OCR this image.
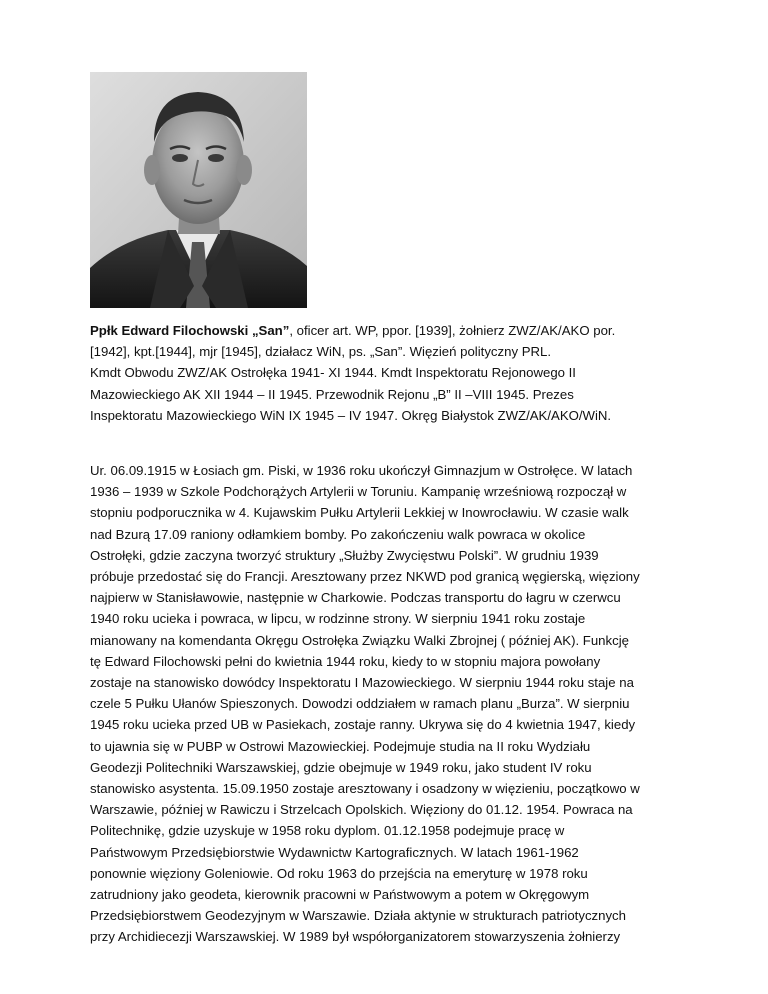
Ppłk Edward Filochowski „San”, oficer art. WP, ppor. [1939], żołnierz ZWZ/AK/AKO por.
[1942], kpt.[1944], mjr [1945], działacz WiN, ps. „San”. Więzień polityczny PRL.
Kmdt Obwodu ZWZ/AK Ostrołęka 1941- XI 1944. Kmdt Inspektoratu Rejonowego II
Mazowieckiego AK XII 1944 – II 1945. Przewodnik Rejonu „B” II –VIII 1945. Prezes
Inspektoratu Mazowieckiego WiN IX 1945 – IV 1947. Okręg Białystok ZWZ/AK/AKO/WiN.
Ur. 06.09.1915 w Łosiach gm. Piski, w 1936 roku ukończył Gimnazjum w Ostrołęce. W latach
1936 – 1939 w Szkole Podchorążych Artylerii w Toruniu. Kampanię wrześniową rozpoczął w
stopniu podporucznika w 4. Kujawskim Pułku Artylerii Lekkiej w Inowrocławiu. W czasie walk
nad Bzurą 17.09 raniony odłamkiem bomby. Po zakończeniu walk powraca w okolice
Ostrołęki, gdzie zaczyna tworzyć struktury „Służby Zwycięstwu Polski”. W grudniu 1939
próbuje przedostać się do Francji. Aresztowany przez NKWD pod granicą węgierską, więziony
najpierw w Stanisławowie, następnie w Charkowie. Podczas transportu do łagru w czerwcu
1940 roku ucieka i powraca, w lipcu, w rodzinne strony. W sierpniu 1941 roku zostaje
mianowany na komendanta Okręgu Ostrołęka Związku Walki Zbrojnej ( później AK). Funkcję
tę Edward Filochowski pełni do kwietnia 1944 roku, kiedy to w stopniu majora powołany
zostaje na stanowisko dowódcy Inspektoratu I Mazowieckiego. W sierpniu 1944 roku staje na
czele 5 Pułku Ułanów Spieszonych. Dowodzi oddziałem w ramach planu „Burza”. W sierpniu
1945 roku ucieka przed UB w Pasiekach, zostaje ranny. Ukrywa się do 4 kwietnia 1947, kiedy
to ujawnia się w PUBP w Ostrowi Mazowieckiej. Podejmuje studia na II roku Wydziału
Geodezji Politechniki Warszawskiej, gdzie obejmuje w 1949 roku, jako student IV roku
stanowisko asystenta. 15.09.1950 zostaje aresztowany i osadzony w więzieniu, początkowo w
Warszawie, później w Rawiczu i Strzelcach Opolskich. Więziony do 01.12. 1954. Powraca na
Politechnikę, gdzie uzyskuje w 1958 roku dyplom. 01.12.1958 podejmuje pracę w
Państwowym Przedsiębiorstwie Wydawnictw Kartograficznych. W latach 1961-1962
ponownie więziony Goleniowie. Od roku 1963 do przejścia na emeryturę w 1978 roku
zatrudniony jako geodeta, kierownik pracowni w Państwowym a potem w Okręgowym
Przedsiębiorstwem Geodezyjnym w Warszawie. Działa aktynie w strukturach patriotycznych
przy Archidiecezji Warszawskiej. W 1989 był współorganizatorem stowarzyszenia żołnierzy
